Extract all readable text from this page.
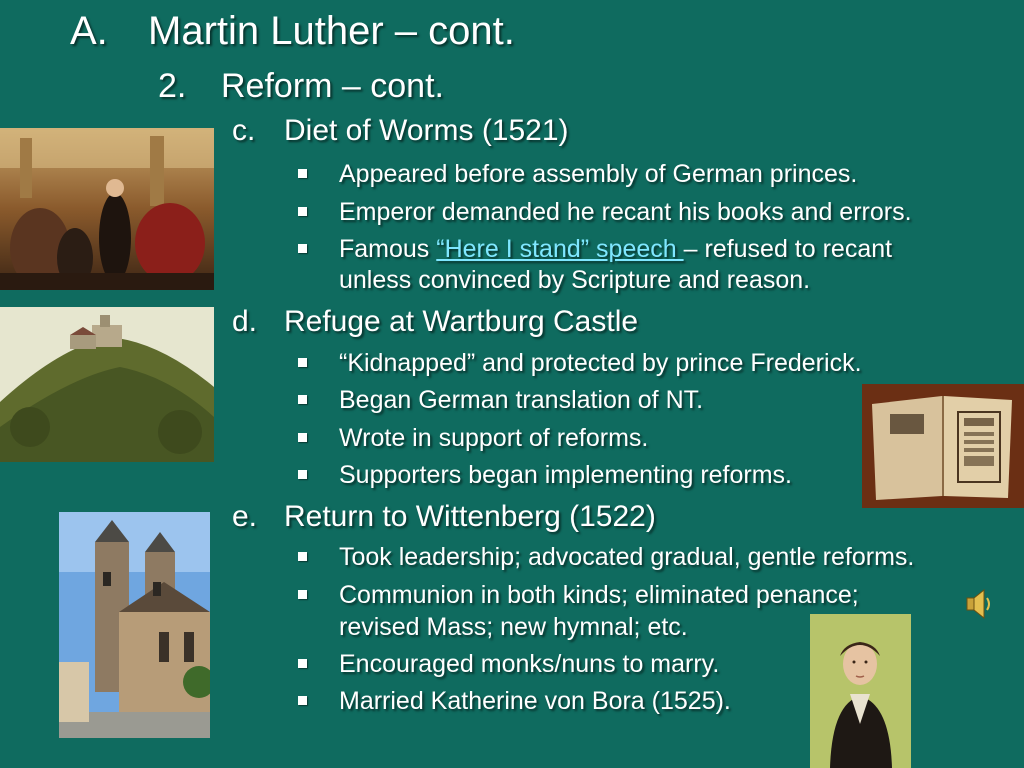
A. Martin Luther – cont.
2. Reform – cont.
c. Diet of Worms (1521)
Appeared before assembly of German princes.
Emperor demanded he recant his books and errors.
Famous “Here I stand” speech – refused to recant
unless convinced by Scripture and reason.
d. Refuge at Wartburg Castle
“Kidnapped” and protected by prince Frederick.
Began German translation of NT.
Wrote in support of reforms.
Supporters began implementing reforms.
e. Return to Wittenberg (1522)
Took leadership; advocated gradual, gentle reforms.
Communion in both kinds; eliminated penance;
revised Mass; new hymnal; etc.
Encouraged monks/nuns to marry.
Married Katherine von Bora (1525).
